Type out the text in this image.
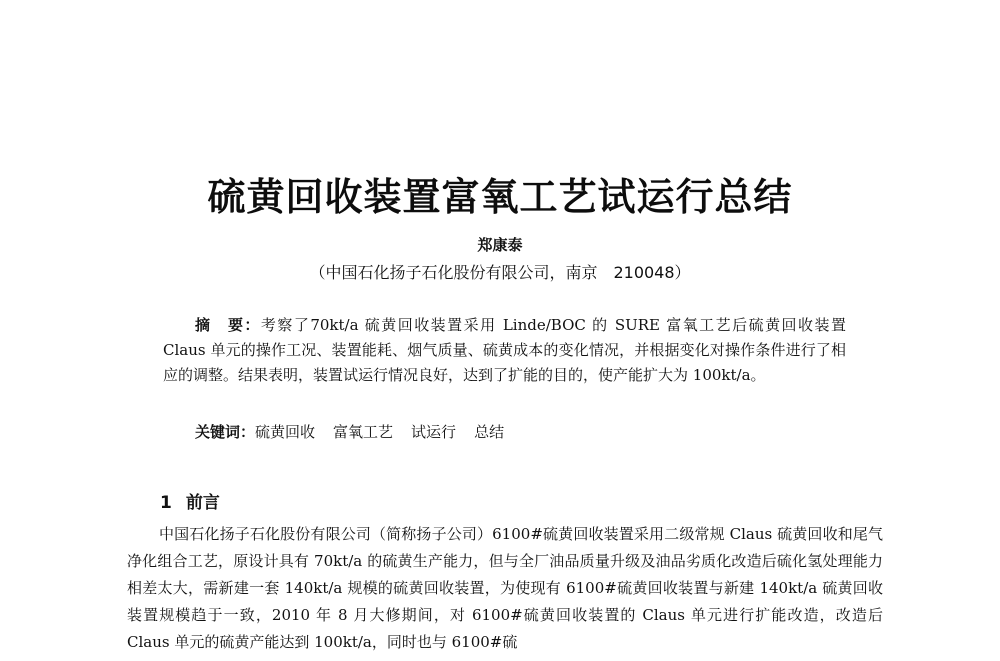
硫黄回收装置富氧工艺试运行总结
郑康泰
（中国石化扬子石化股份有限公司，南京　210048）
摘　要：考察了70kt/a 硫黄回收装置采用 Linde/BOC 的 SURE 富氧工艺后硫黄回收装置 Claus 单元的操作工况、装置能耗、烟气质量、硫黄成本的变化情况，并根据变化对操作条件进行了相应的调整。结果表明，装置试运行情况良好，达到了扩能的目的，使产能扩大为 100kt/a。
关键词：硫黄回收 富氧工艺 试运行 总结
1 前言

中国石化扬子石化股份有限公司（简称扬子公司）6100#硫黄回收装置采用二级常规 Claus 硫黄回收和尾气净化组合工艺，原设计具有 70kt/a 的硫黄生产能力，但与全厂油品质量升级及油品劣质化改造后硫化氢处理能力相差太大，需新建一套 140kt/a 规模的硫黄回收装置，为使现有 6100#硫黄回收装置与新建 140kt/a 硫黄回收装置规模趋于一致，2010 年 8 月大修期间，对 6100#硫黄回收装置的 Claus 单元进行扩能改造，改造后 Claus 单元的硫黄产能达到 100kt/a，同时也与 6100#硫
